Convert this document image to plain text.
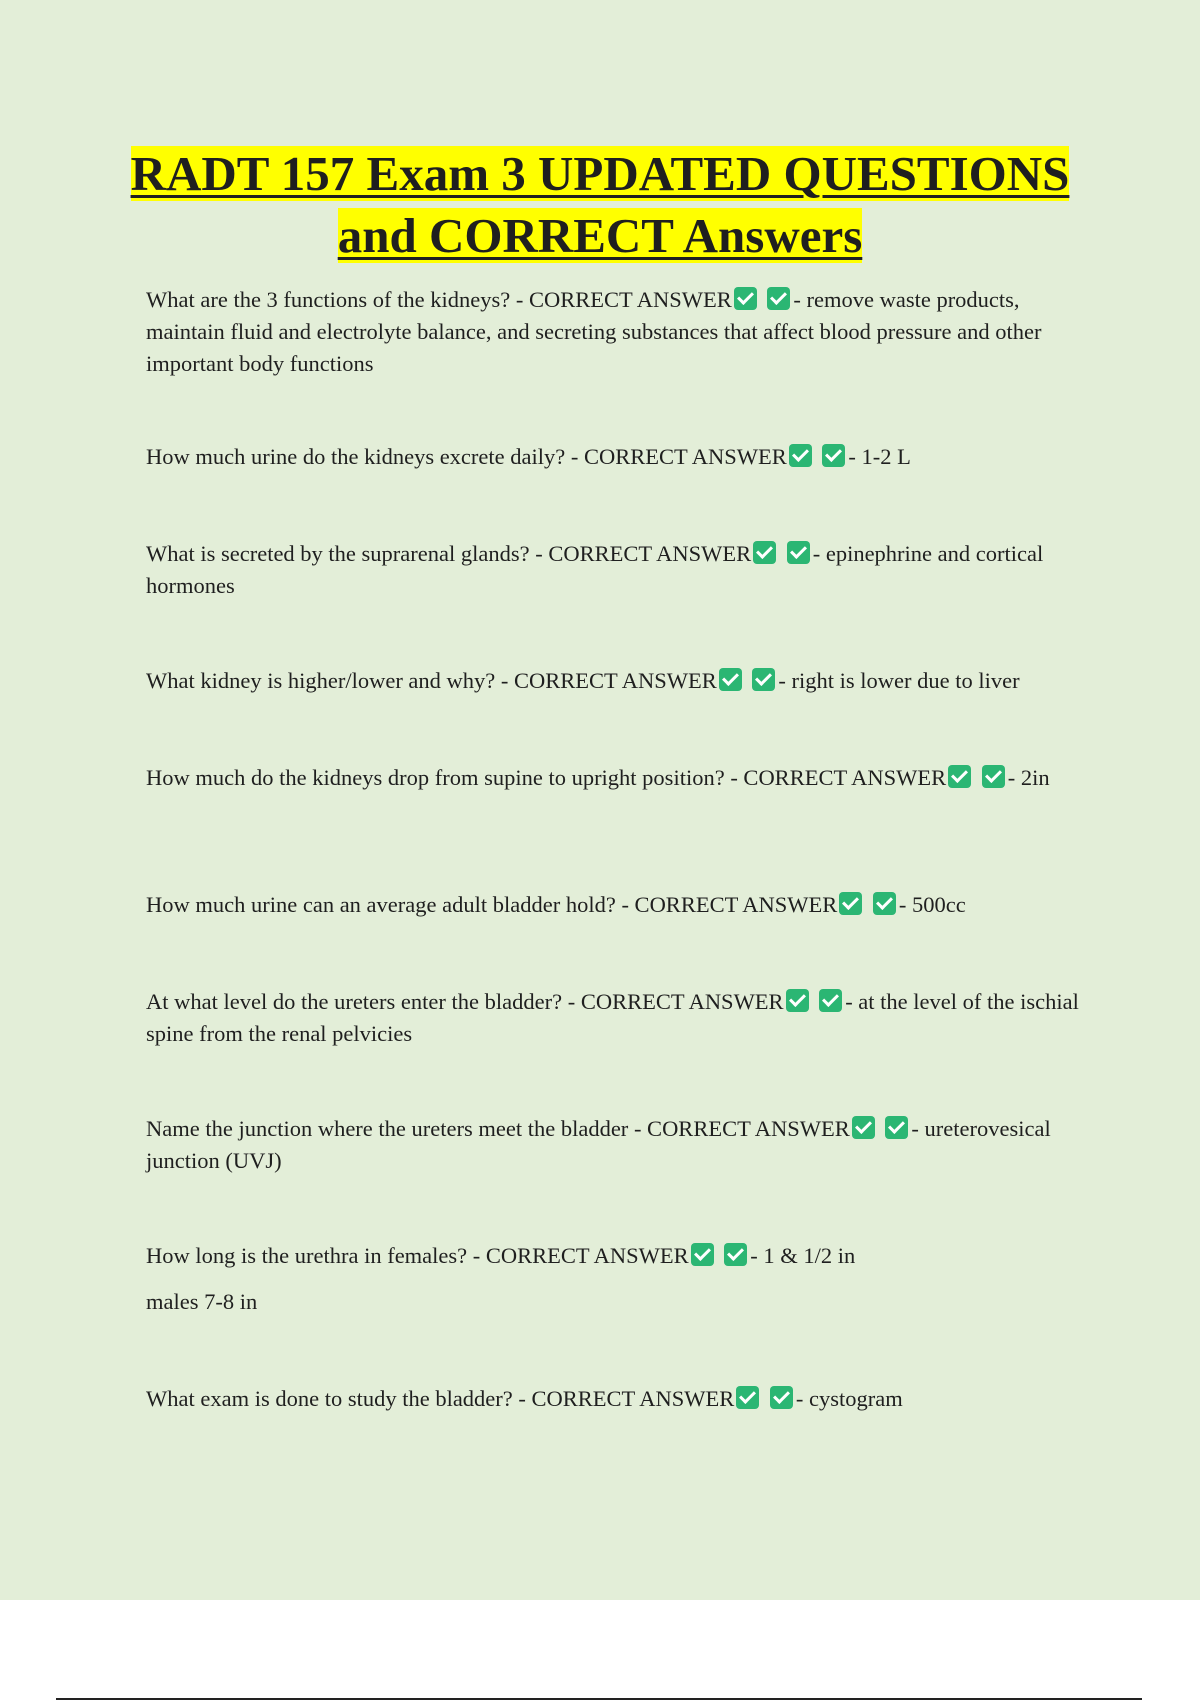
RADT 157 Exam 3 UPDATED QUESTIONS
and CORRECT Answers

What are the 3 functions of the kidneys? - CORRECT ANSWER	- remove waste products, maintain fluid and electrolyte balance, and secreting substances that affect blood pressure and other important body functions

How much urine do the kidneys excrete daily? - CORRECT ANSWER	- 1-2 L

What is secreted by the suprarenal glands? - CORRECT ANSWER	- epinephrine and cortical hormones

What kidney is higher/lower and why? - CORRECT ANSWER	- right is lower due to liver

How much do the kidneys drop from supine to upright position? - CORRECT ANSWER	- 2in

How much urine can an average adult bladder hold? - CORRECT ANSWER	- 500cc

At what level do the ureters enter the bladder? - CORRECT ANSWER	- at the level of the ischial spine from the renal pelvicies

Name the junction where the ureters meet the bladder - CORRECT ANSWER	- ureterovesical junction (UVJ)

How long is the urethra in females? - CORRECT ANSWER	- 1 & 1/2 in
males 7-8 in

What exam is done to study the bladder? - CORRECT ANSWER	- cystogram
